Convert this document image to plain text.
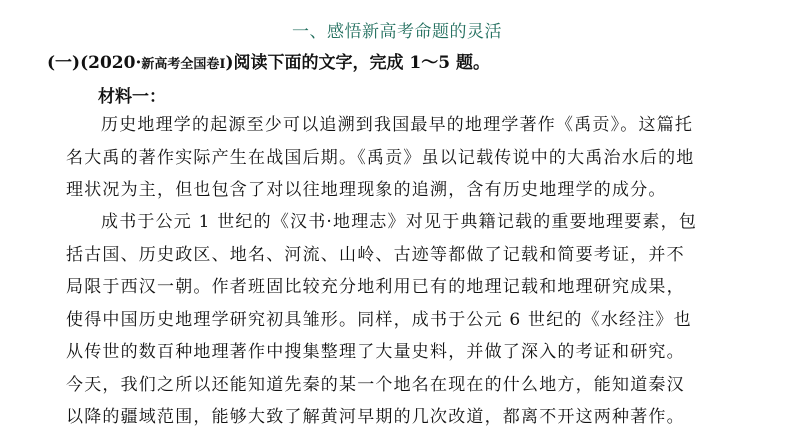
一、感悟新高考命题的灵活
(一)(2020·新高考全国卷Ⅰ)阅读下面的文字，完成 1～5 题。
材料一：
历史地理学的起源至少可以追溯到我国最早的地理学著作《禹贡》。这篇托
名大禹的著作实际产生在战国后期。《禹贡》虽以记载传说中的大禹治水后的地
理状况为主，但也包含了对以往地理现象的追溯，含有历史地理学的成分。
成书于公元 1 世纪的《汉书·地理志》对见于典籍记载的重要地理要素，包
括古国、历史政区、地名、河流、山岭、古迹等都做了记载和简要考证，并不
局限于西汉一朝。作者班固比较充分地利用已有的地理记载和地理研究成果，
使得中国历史地理学研究初具雏形。同样，成书于公元 6 世纪的《水经注》也
从传世的数百种地理著作中搜集整理了大量史料，并做了深入的考证和研究。
今天，我们之所以还能知道先秦的某一个地名在现在的什么地方，能知道秦汉
以降的疆域范围，能够大致了解黄河早期的几次改道，都离不开这两种著作。
